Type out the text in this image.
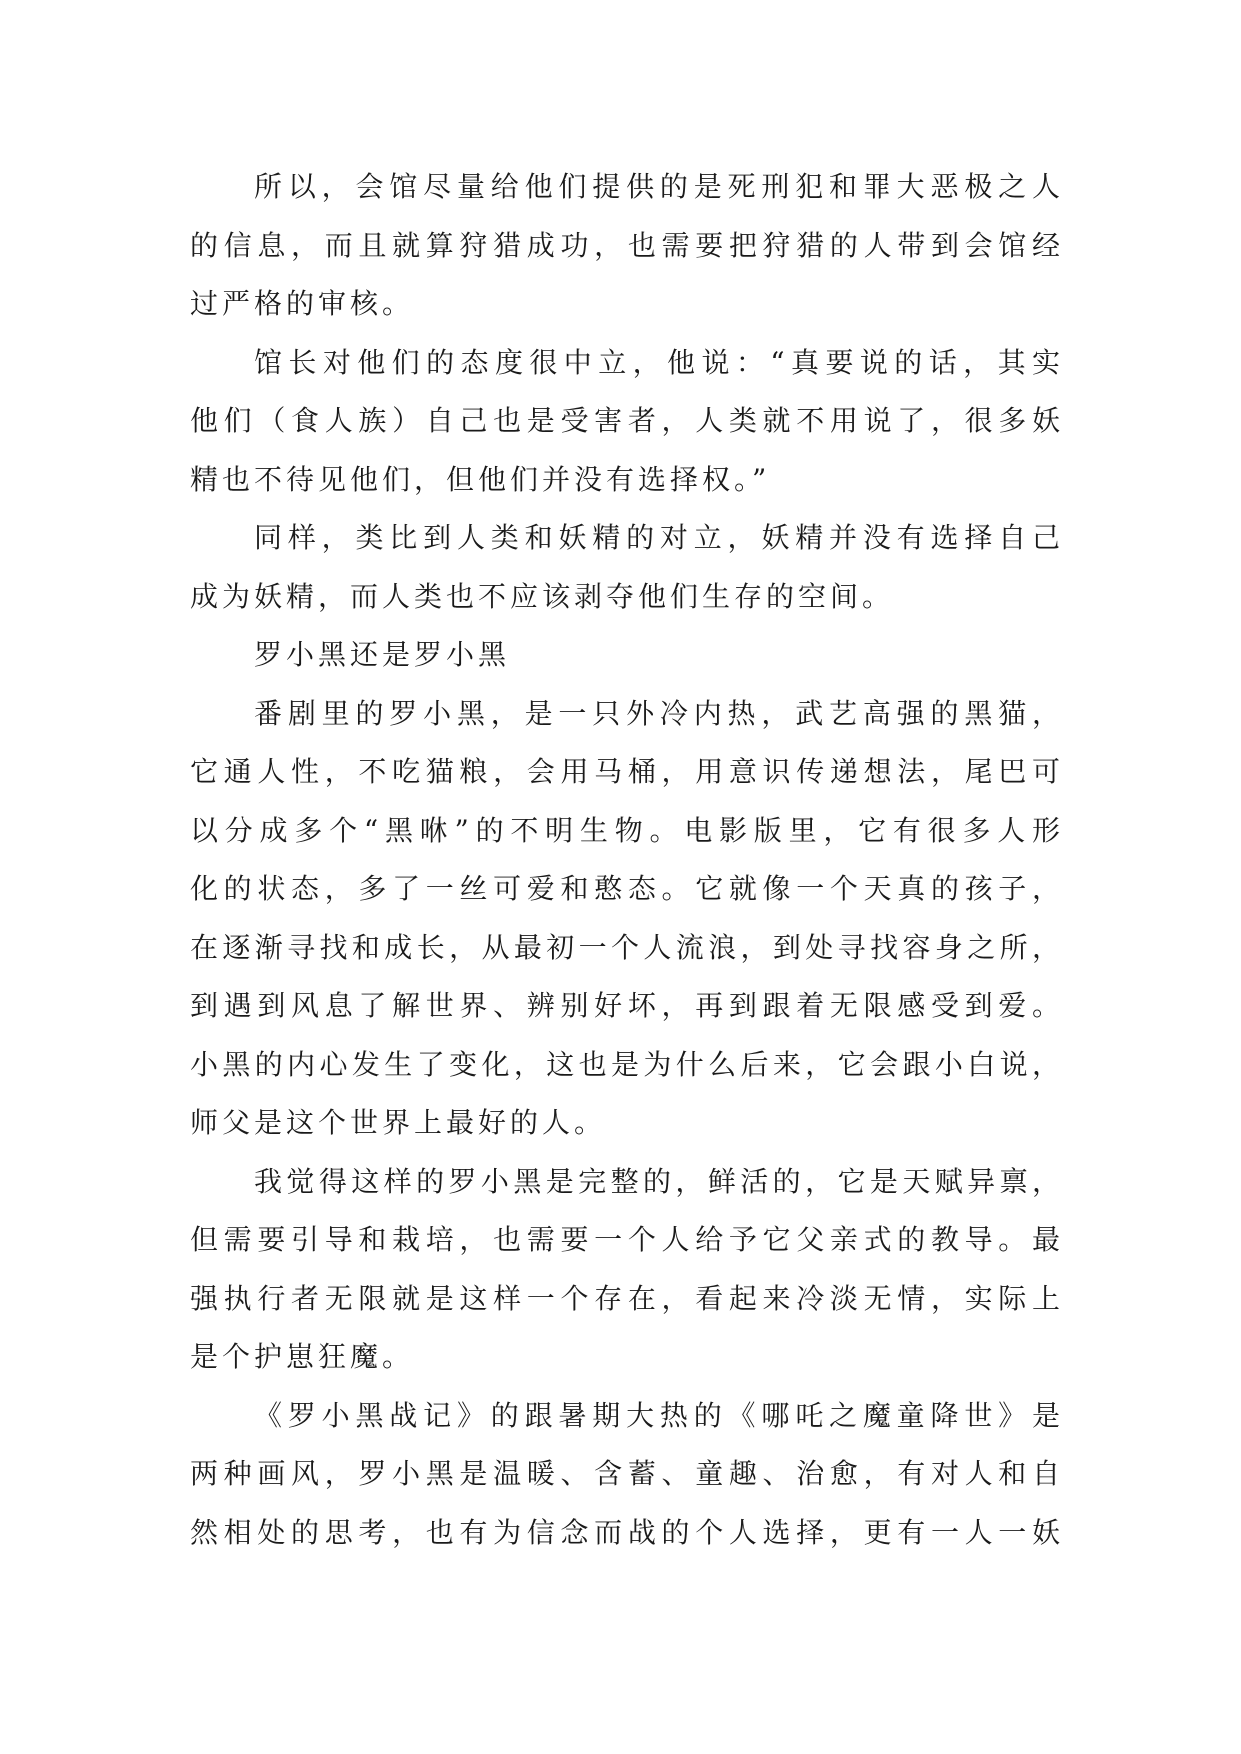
所以，会馆尽量给他们提供的是死刑犯和罪大恶极之人
的信息，而且就算狩猎成功，也需要把狩猎的人带到会馆经
过严格的审核。
馆长对他们的态度很中立，他说：“真要说的话，其实
他们（食人族）自己也是受害者，人类就不用说了，很多妖
精也不待见他们，但他们并没有选择权。”
同样，类比到人类和妖精的对立，妖精并没有选择自己
成为妖精，而人类也不应该剥夺他们生存的空间。
罗小黑还是罗小黑
番剧里的罗小黑，是一只外冷内热，武艺高强的黑猫，
它通人性，不吃猫粮，会用马桶，用意识传递想法，尾巴可
以分成多个“黑咻”的不明生物。电影版里，它有很多人形
化的状态，多了一丝可爱和憨态。它就像一个天真的孩子，
在逐渐寻找和成长，从最初一个人流浪，到处寻找容身之所，
到遇到风息了解世界、辨别好坏，再到跟着无限感受到爱。
小黑的内心发生了变化，这也是为什么后来，它会跟小白说，
师父是这个世界上最好的人。
我觉得这样的罗小黑是完整的，鲜活的，它是天赋异禀，
但需要引导和栽培，也需要一个人给予它父亲式的教导。最
强执行者无限就是这样一个存在，看起来冷淡无情，实际上
是个护崽狂魔。
《罗小黑战记》的跟暑期大热的《哪吒之魔童降世》是
两种画风，罗小黑是温暖、含蓄、童趣、治愈，有对人和自
然相处的思考，也有为信念而战的个人选择，更有一人一妖
